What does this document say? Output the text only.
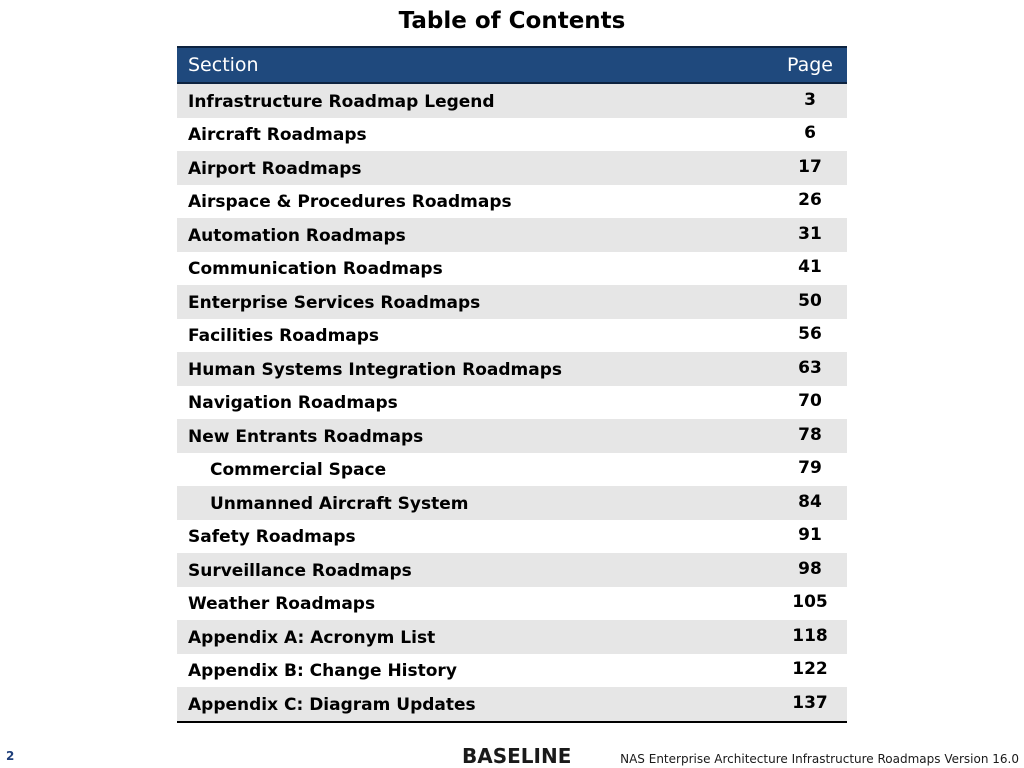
Table of Contents
Section	Page
Infrastructure Roadmap Legend	3
Aircraft Roadmaps	6
Airport Roadmaps	17
Airspace & Procedures Roadmaps	26
Automation Roadmaps	31
Communication Roadmaps	41
Enterprise Services Roadmaps	50
Facilities Roadmaps	56
Human Systems Integration Roadmaps	63
Navigation Roadmaps	70
New Entrants Roadmaps	78
Commercial Space	79
Unmanned Aircraft System	84
Safety Roadmaps	91
Surveillance Roadmaps	98
Weather Roadmaps	105
Appendix A: Acronym List	118
Appendix B: Change History	122
Appendix C: Diagram Updates	137
2	BASELINE	NAS Enterprise Architecture Infrastructure Roadmaps Version 16.0
